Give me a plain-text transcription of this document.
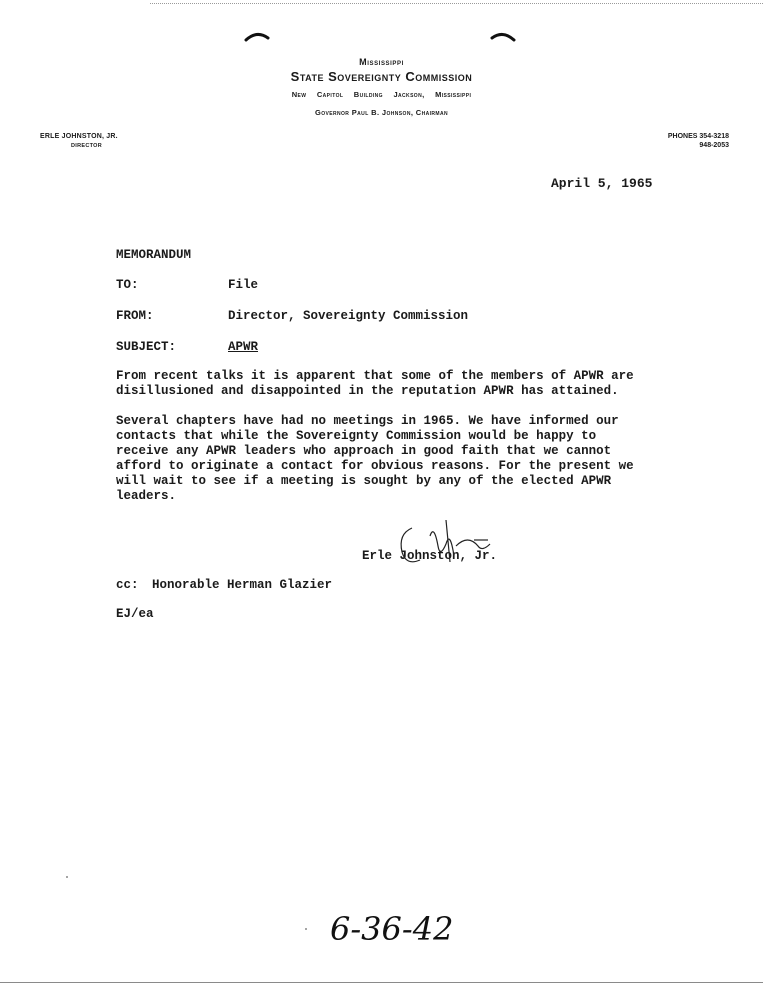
Mississippi
State Sovereignty Commission
New Capitol Building Jackson, Mississippi
Governor Paul B. Johnson, Chairman
ERLE JOHNSTON, JR.
DIRECTOR
PHONES 354-3218
948-2053
April 5, 1965
MEMORANDUM
TO:	File
FROM:	Director, Sovereignty Commission
SUBJECT:	APWR

From recent talks it is apparent that some of the members of APWR are disillusioned and disappointed in the reputation APWR has attained.

Several chapters have had no meetings in 1965. We have informed our contacts that while the Sovereignty Commission would be happy to receive any APWR leaders who approach in good faith that we cannot afford to originate a contact for obvious reasons. For the present we will wait to see if a meeting is sought by any of the elected APWR leaders.

Erle Johnston, Jr.
cc: Honorable Herman Glazier
EJ/ea
6-36-42
